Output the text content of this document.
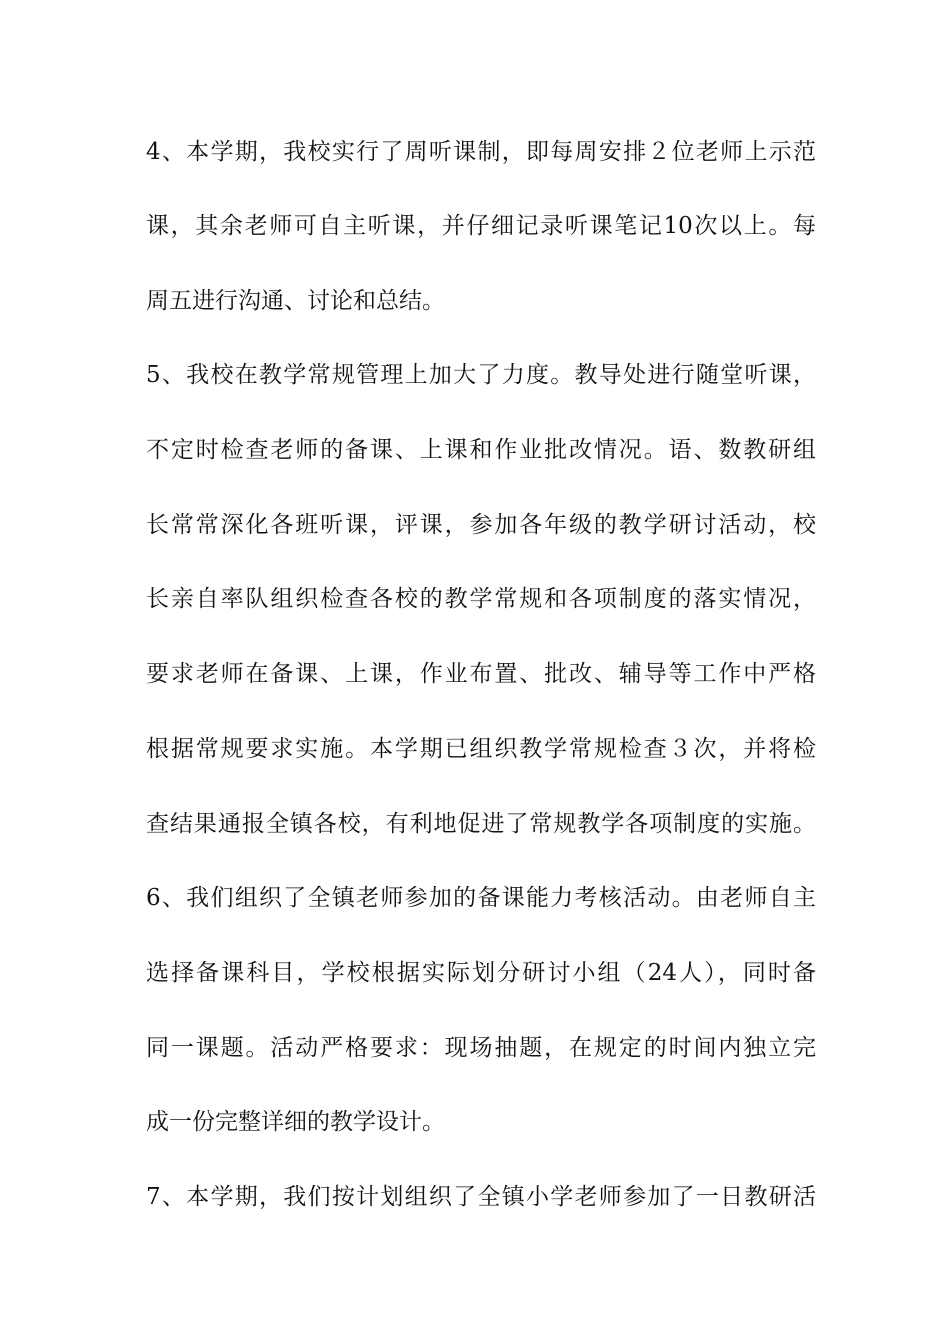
4、本学期，我校实行了周听课制，即每周安排２位老师上示范
课，其余老师可自主听课，并仔细记录听课笔记10次以上。每
周五进行沟通、讨论和总结。
5、我校在教学常规管理上加大了力度。教导处进行随堂听课，
不定时检查老师的备课、上课和作业批改情况。语、数教研组
长常常深化各班听课，评课，参加各年级的教学研讨活动，校
长亲自率队组织检查各校的教学常规和各项制度的落实情况，
要求老师在备课、上课，作业布置、批改、辅导等工作中严格
根据常规要求实施。本学期已组织教学常规检查３次，并将检
查结果通报全镇各校，有利地促进了常规教学各项制度的实施。
6、我们组织了全镇老师参加的备课能力考核活动。由老师自主
选择备课科目，学校根据实际划分研讨小组（24人），同时备
同一课题。活动严格要求：现场抽题，在规定的时间内独立完
成一份完整详细的教学设计。
7、本学期，我们按计划组织了全镇小学老师参加了一日教研活
